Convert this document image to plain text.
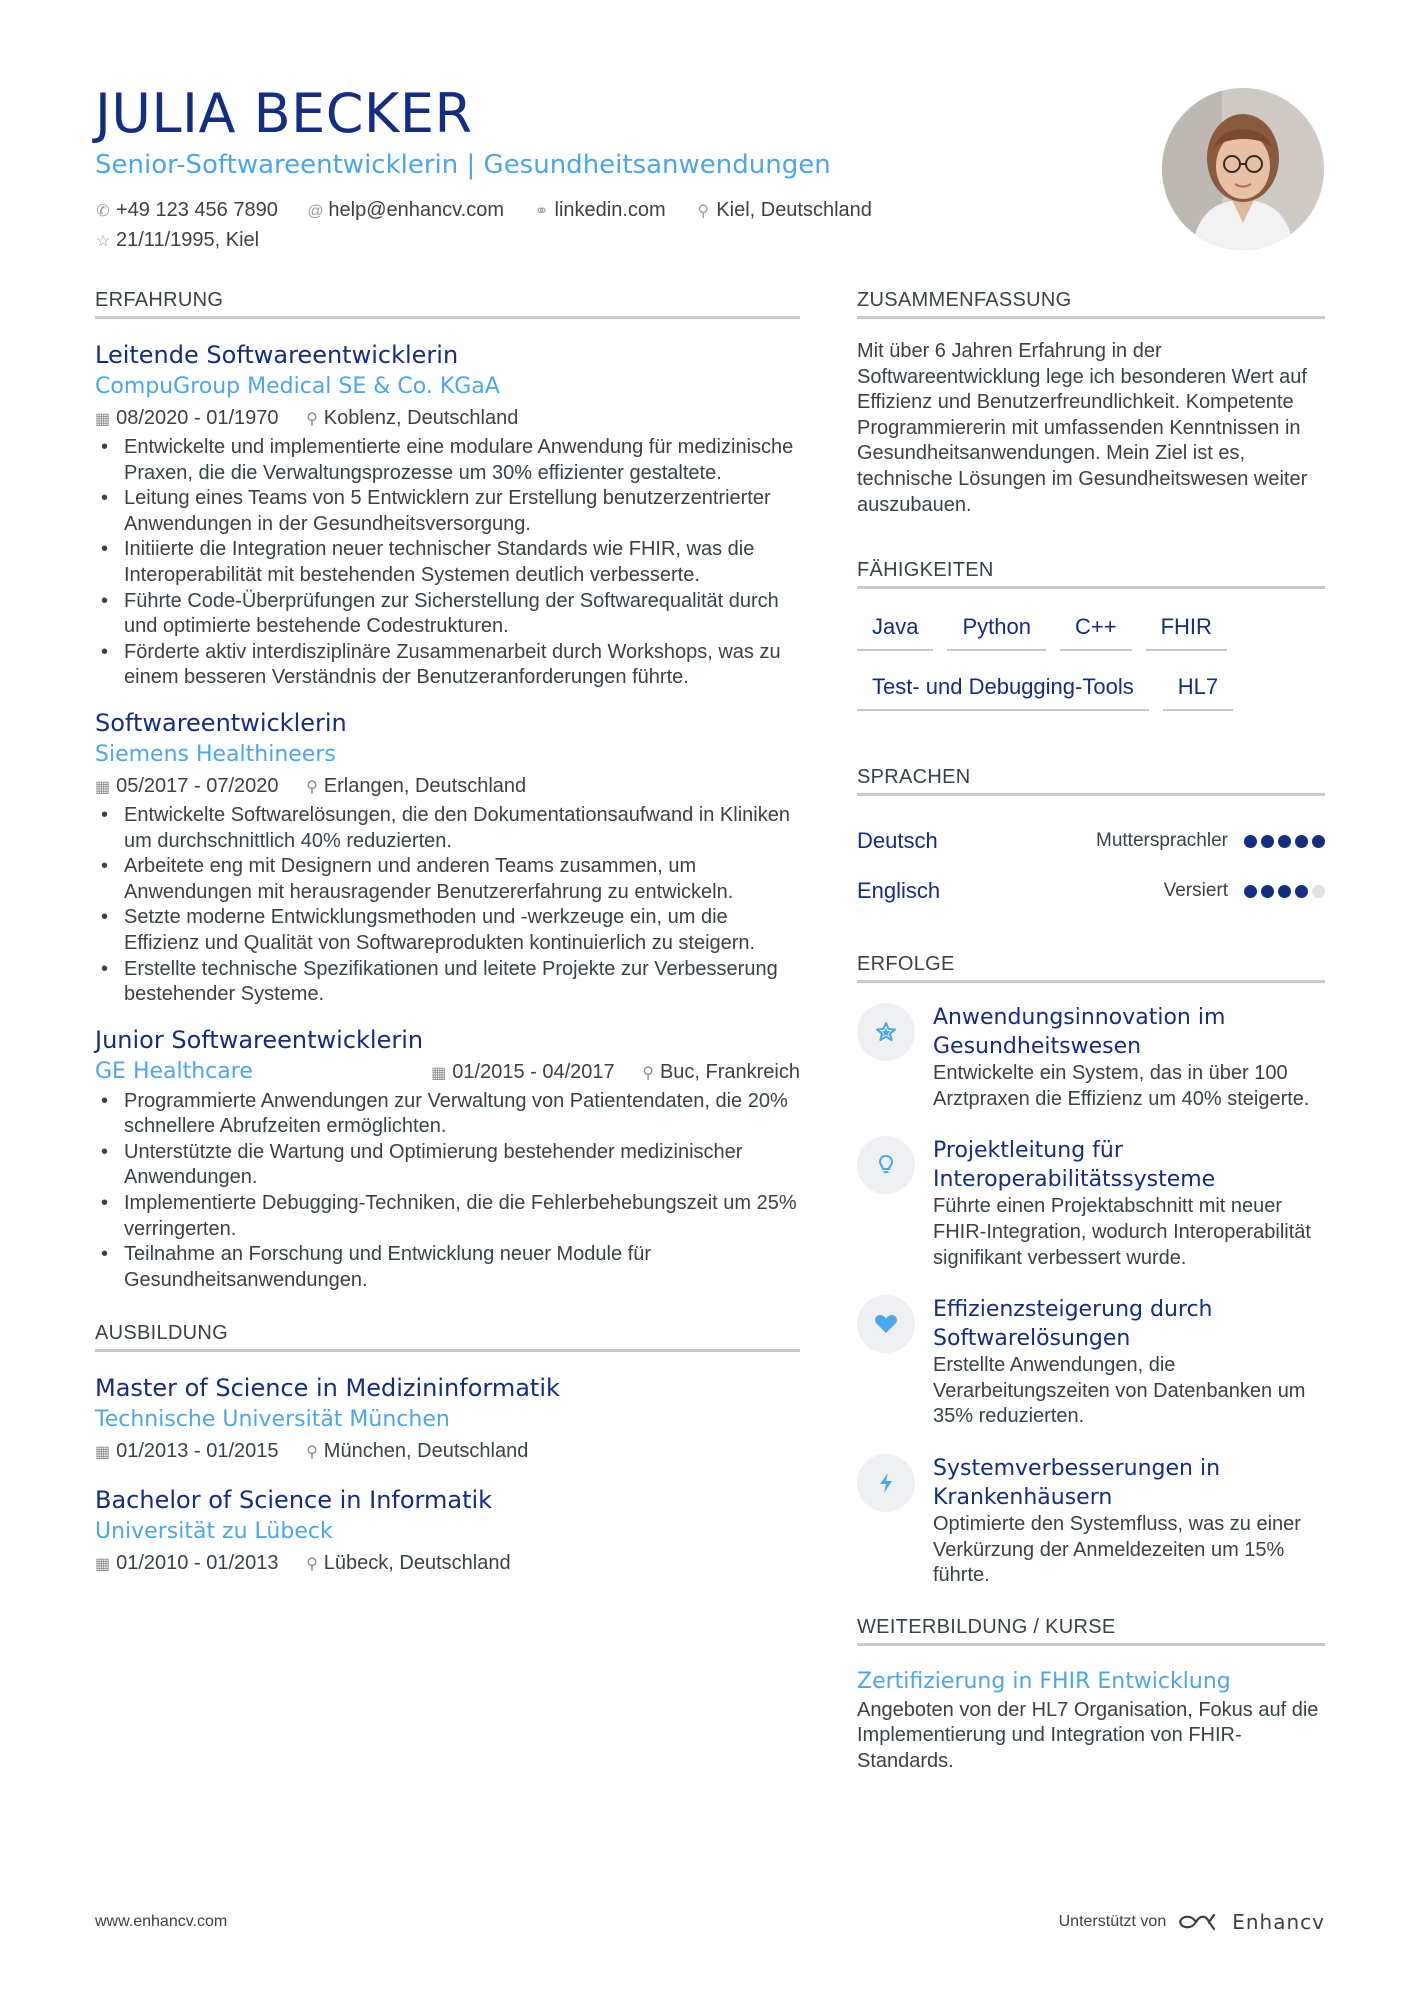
JULIA BECKER
Senior-Softwareentwicklerin | Gesundheitsanwendungen
✆ +49 123 456 7890 @ help@enhancv.com ⚭ linkedin.com ⚲ Kiel, Deutschland
☆ 21/11/1995, Kiel
ERFAHRUNG
Leitende Softwareentwicklerin
CompuGroup Medical SE & Co. KGaA
▦ 08/2020 - 01/1970 ⚲ Koblenz, Deutschland
• Entwickelte und implementierte eine modulare Anwendung für medizinische Praxen, die die Verwaltungsprozesse um 30% effizienter gestaltete.
• Leitung eines Teams von 5 Entwicklern zur Erstellung benutzerzentrierter Anwendungen in der Gesundheitsversorgung.
• Initiierte die Integration neuer technischer Standards wie FHIR, was die Interoperabilität mit bestehenden Systemen deutlich verbesserte.
• Führte Code-Überprüfungen zur Sicherstellung der Softwarequalität durch und optimierte bestehende Codestrukturen.
• Förderte aktiv interdisziplinäre Zusammenarbeit durch Workshops, was zu einem besseren Verständnis der Benutzeranforderungen führte.
Softwareentwicklerin
Siemens Healthineers
▦ 05/2017 - 07/2020 ⚲ Erlangen, Deutschland
• Entwickelte Softwarelösungen, die den Dokumentationsaufwand in Kliniken um durchschnittlich 40% reduzierten.
• Arbeitete eng mit Designern und anderen Teams zusammen, um Anwendungen mit herausragender Benutzererfahrung zu entwickeln.
• Setzte moderne Entwicklungsmethoden und -werkzeuge ein, um die Effizienz und Qualität von Softwareprodukten kontinuierlich zu steigern.
• Erstellte technische Spezifikationen und leitete Projekte zur Verbesserung bestehender Systeme.
Junior Softwareentwicklerin
GE Healthcare	▦ 01/2015 - 04/2017 ⚲ Buc, Frankreich
• Programmierte Anwendungen zur Verwaltung von Patientendaten, die 20% schnellere Abrufzeiten ermöglichten.
• Unterstützte die Wartung und Optimierung bestehender medizinischer Anwendungen.
• Implementierte Debugging-Techniken, die die Fehlerbehebungszeit um 25% verringerten.
• Teilnahme an Forschung und Entwicklung neuer Module für Gesundheitsanwendungen.
AUSBILDUNG
Master of Science in Medizininformatik
Technische Universität München
▦ 01/2013 - 01/2015 ⚲ München, Deutschland
Bachelor of Science in Informatik
Universität zu Lübeck
▦ 01/2010 - 01/2013 ⚲ Lübeck, Deutschland
ZUSAMMENFASSUNG
Mit über 6 Jahren Erfahrung in der Softwareentwicklung lege ich besonderen Wert auf Effizienz und Benutzerfreundlichkeit. Kompetente Programmiererin mit umfassenden Kenntnissen in Gesundheitsanwendungen. Mein Ziel ist es, technische Lösungen im Gesundheitswesen weiter auszubauen.
FÄHIGKEITEN
Java Python C++ FHIR
Test- und Debugging-Tools HL7
SPRACHEN
Deutsch	Muttersprachler
Englisch	Versiert
ERFOLGE
Anwendungsinnovation im Gesundheitswesen
Entwickelte ein System, das in über 100 Arztpraxen die Effizienz um 40% steigerte.
Projektleitung für Interoperabilitätssysteme
Führte einen Projektabschnitt mit neuer FHIR-Integration, wodurch Interoperabilität signifikant verbessert wurde.
Effizienzsteigerung durch Softwarelösungen
Erstellte Anwendungen, die Verarbeitungszeiten von Datenbanken um 35% reduzierten.
Systemverbesserungen in Krankenhäusern
Optimierte den Systemfluss, was zu einer Verkürzung der Anmeldezeiten um 15% führte.
WEITERBILDUNG / KURSE
Zertifizierung in FHIR Entwicklung
Angeboten von der HL7 Organisation, Fokus auf die Implementierung und Integration von FHIR-Standards.
www.enhancv.com	Unterstützt von	Enhancv
